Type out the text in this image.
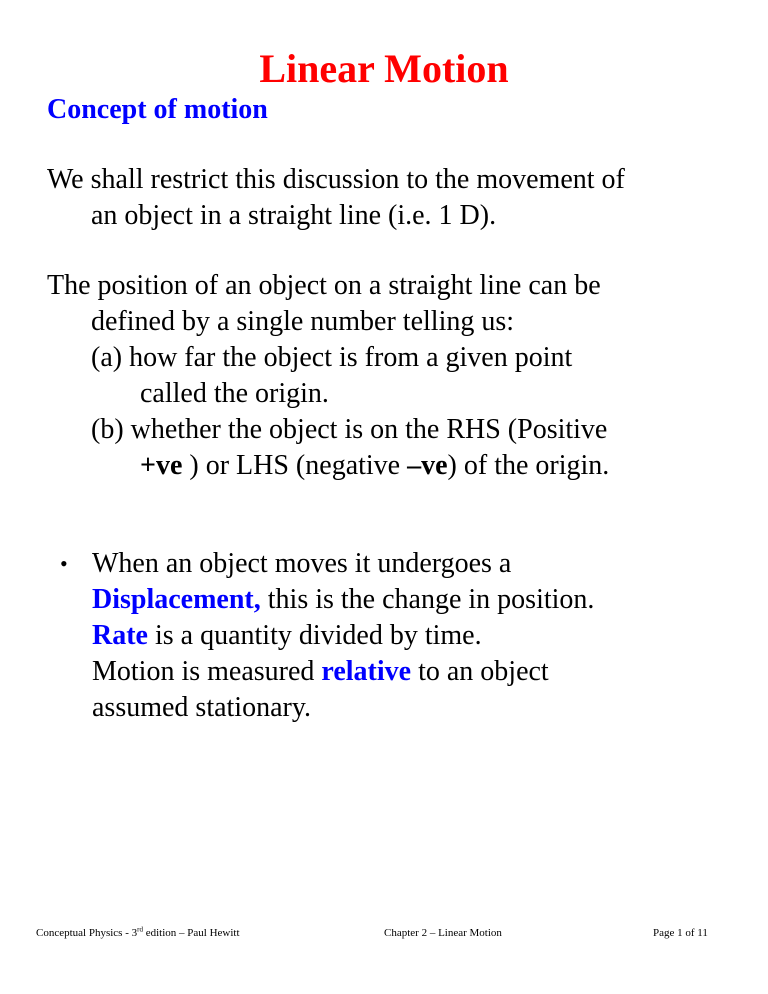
Linear Motion
Concept of motion
We shall restrict this discussion to the movement of
an object in a straight line (i.e. 1 D).
The position of an object on a straight line can be
defined by a single number telling us:
(a) how far the object is from a given point
called the origin.
(b) whether the object is on the RHS (Positive
+ve ) or LHS (negative –ve) of the origin.
• When an object moves it undergoes a
Displacement, this is the change in position.
Rate is a quantity divided by time.
Motion is measured relative to an object
assumed stationary.
Conceptual Physics - 3rd edition – Paul Hewitt	Chapter 2 – Linear Motion	Page 1 of 11
